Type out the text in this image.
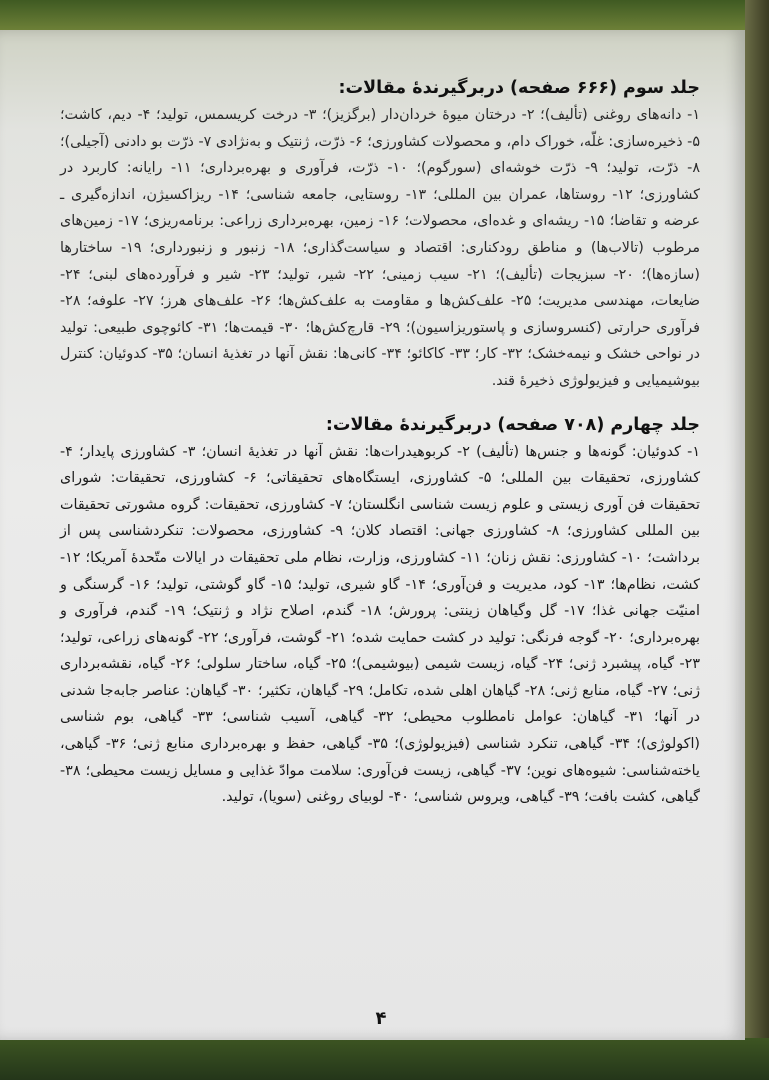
جلد سوم (۶۶۶ صفحه) دربرگیرندهٔ مقالات:

۱- دانه‌های روغنی (تألیف)؛ ۲- درختان میوهٔ خردان‌دار (برگزیز)؛ ۳- درخت کریسمس، تولید؛ ۴- دیم، کاشت؛ ۵- ذخیره‌سازی: غلّه، خوراک دام، و محصولات کشاورزی؛ ۶- ذرّت، ژنتیک و به‌نژادی ۷- ذرّت بو دادنی (آجیلی)؛ ۸- ذرّت، تولید؛ ۹- ذرّت خوشه‌ای (سورگوم)؛ ۱۰- ذرّت، فرآوری و بهره‌برداری؛ ۱۱- رایانه: کاربرد در کشاورزی؛ ۱۲- روستاها، عمران بین المللی؛ ۱۳- روستایی، جامعه شناسی؛ ۱۴- ریزاکسیژن، اندازه‌گیری ـ عرضه و تقاضا؛ ۱۵- ریشه‌ای و غده‌ای، محصولات؛ ۱۶- زمین، بهره‌برداری زراعی: برنامه‌ریزی؛ ۱۷- زمین‌های مرطوب (تالاب‌ها) و مناطق رودکناری: اقتصاد و سیاست‌گذاری؛ ۱۸- زنبور و زنبورداری؛ ۱۹- ساختارها (سازه‌ها)؛ ۲۰- سبزیجات (تألیف)؛ ۲۱- سیب زمینی؛ ۲۲- شیر، تولید؛ ۲۳- شیر و فرآورده‌های لبنی؛ ۲۴- ضایعات، مهندسی مدیریت؛ ۲۵- علف‌کش‌ها و مقاومت به علف‌کش‌ها؛ ۲۶- علف‌های هرز؛ ۲۷- علوفه؛ ۲۸- فرآوری حرارتی (کنسروسازی و پاستوریزاسیون)؛ ۲۹- قارچ‌کش‌ها؛ ۳۰- قیمت‌ها؛ ۳۱- کائوچوی طبیعی: تولید در نواحی خشک و نیمه‌خشک؛ ۳۲- کار؛ ۳۳- کاکائو؛ ۳۴- کانی‌ها: نقش آنها در تغذیهٔ انسان؛ ۳۵- کدوئیان: کنترل بیوشیمیایی و فیزیولوژی ذخیرهٔ قند.

جلد چهارم (۷۰۸ صفحه) دربرگیرندهٔ مقالات:

۱- کدوئیان: گونه‌ها و جنس‌ها (تألیف) ۲- کربوهیدرات‌ها: نقش آنها در تغذیهٔ انسان؛ ۳- کشاورزی پایدار؛ ۴- کشاورزی، تحقیقات بین المللی؛ ۵- کشاورزی، ایستگاه‌های تحقیقاتی؛ ۶- کشاورزی، تحقیقات: شورای تحقیقات فن آوری زیستی و علوم زیست شناسی انگلستان؛ ۷- کشاورزی، تحقیقات: گروه مشورتی تحقیقات بین المللی کشاورزی؛ ۸- کشاورزی جهانی: اقتصاد کلان؛ ۹- کشاورزی، محصولات: تنکردشناسی پس از برداشت؛ ۱۰- کشاورزی: نقش زنان؛ ۱۱- کشاورزی، وزارت، نظام ملی تحقیقات در ایالات متّحدهٔ آمریکا؛ ۱۲- کشت، نظام‌ها؛ ۱۳- کود، مدیریت و فن‌آوری؛ ۱۴- گاو شیری، تولید؛ ۱۵- گاو گوشتی، تولید؛ ۱۶- گرسنگی و امنیّت جهانی غذا؛ ۱۷- گل وگیاهان زینتی: پرورش؛ ۱۸- گندم، اصلاح نژاد و ژنتیک؛ ۱۹- گندم، فرآوری و بهره‌برداری؛ ۲۰- گوجه فرنگی: تولید در کشت حمایت شده؛ ۲۱- گوشت، فرآوری؛ ۲۲- گونه‌های زراعی، تولید؛ ۲۳- گیاه، پیشبرد ژنی؛ ۲۴- گیاه، زیست شیمی (بیوشیمی)؛ ۲۵- گیاه، ساختار سلولی؛ ۲۶- گیاه، نقشه‌برداری ژنی؛ ۲۷- گیاه، منابع ژنی؛ ۲۸- گیاهان اهلی شده، تکامل؛ ۲۹- گیاهان، تکثیر؛ ۳۰- گیاهان: عناصر جابه‌جا شدنی در آنها؛ ۳۱- گیاهان: عوامل نامطلوب محیطی؛ ۳۲- گیاهی، آسیب شناسی؛ ۳۳- گیاهی، بوم شناسی (اکولوژی)؛ ۳۴- گیاهی، تنکرد شناسی (فیزیولوژی)؛ ۳۵- گیاهی، حفظ و بهره‌برداری منابع ژنی؛ ۳۶- گیاهی، یاخته‌شناسی: شیوه‌های نوین؛ ۳۷- گیاهی، زیست فن‌آوری: سلامت موادّ غذایی و مسایل زیست محیطی؛ ۳۸- گیاهی، کشت بافت؛ ۳۹- گیاهی، ویروس شناسی؛ ۴۰- لوبیای روغنی (سویا)، تولید.

۴
